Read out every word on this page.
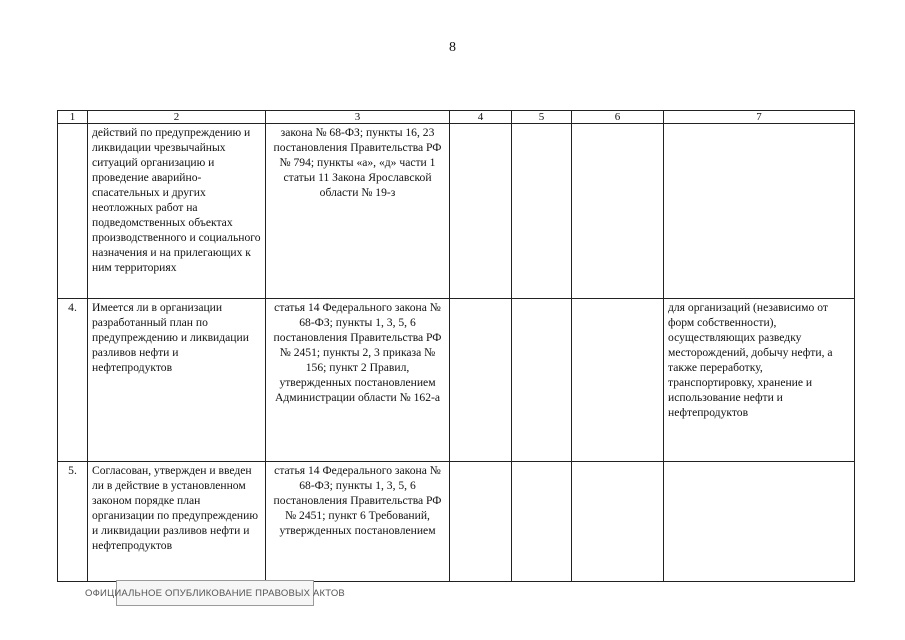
8
1	2	3	4	5	6	7
	действий по предупреждению и ликвидации чрезвычайных ситуаций организацию и проведение аварийно-спасательных и других неотложных работ на подведомственных объектах производственного и социального назначения и на прилегающих к ним территориях	закона № 68-ФЗ; пункты 16, 23 постановления Правительства РФ № 794; пункты «а», «д» части 1 статьи 11 Закона Ярославской области № 19-з				
4.	Имеется ли в организации разработанный план по предупреждению и ликвидации разливов нефти и нефтепродуктов	статья 14 Федерального закона № 68-ФЗ; пункты 1, 3, 5, 6 постановления Правительства РФ № 2451; пункты 2, 3 приказа № 156; пункт 2 Правил, утвержденных постановлением Администрации области № 162-а				для организаций (независимо от форм собственности), осуществляющих разведку месторождений, добычу нефти, а также переработку, транспортировку, хранение и использование нефти и нефтепродуктов
5.	Согласован, утвержден и введен ли в действие в установленном законом порядке план организации по предупреждению и ликвидации разливов нефти и нефтепродуктов	статья 14 Федерального закона № 68-ФЗ; пункты 1, 3, 5, 6 постановления Правительства РФ № 2451; пункт 6 Требований, утвержденных постановлением				
ОФИЦИАЛЬНОЕ ОПУБЛИКОВАНИЕ ПРАВОВЫХ АКТОВ
